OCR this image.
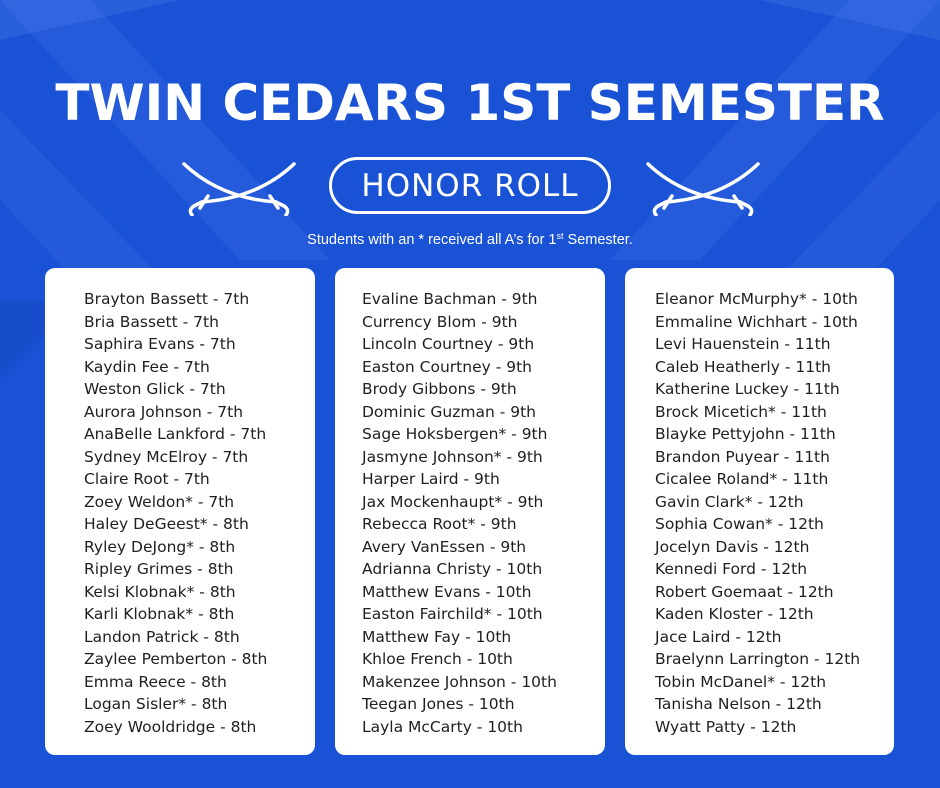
TWIN CEDARS 1ST SEMESTER
HONOR ROLL
Students with an * received all A’s for 1st Semester.
Brayton Bassett - 7th
Bria Bassett - 7th
Saphira Evans - 7th
Kaydin Fee - 7th
Weston Glick - 7th
Aurora Johnson - 7th
AnaBelle Lankford - 7th
Sydney McElroy - 7th
Claire Root - 7th
Zoey Weldon* - 7th
Haley DeGeest* - 8th
Ryley DeJong* - 8th
Ripley Grimes - 8th
Kelsi Klobnak* - 8th
Karli Klobnak* - 8th
Landon Patrick - 8th
Zaylee Pemberton - 8th
Emma Reece - 8th
Logan Sisler* - 8th
Zoey Wooldridge - 8th
Evaline Bachman - 9th
Currency Blom - 9th
Lincoln Courtney - 9th
Easton Courtney - 9th
Brody Gibbons - 9th
Dominic Guzman - 9th
Sage Hoksbergen* - 9th
Jasmyne Johnson* - 9th
Harper Laird - 9th
Jax Mockenhaupt* - 9th
Rebecca Root* - 9th
Avery VanEssen - 9th
Adrianna Christy - 10th
Matthew Evans - 10th
Easton Fairchild* - 10th
Matthew Fay - 10th
Khloe French - 10th
Makenzee Johnson - 10th
Teegan Jones - 10th
Layla McCarty - 10th
Eleanor McMurphy* - 10th
Emmaline Wichhart - 10th
Levi Hauenstein - 11th
Caleb Heatherly - 11th
Katherine Luckey - 11th
Brock Micetich* - 11th
Blayke Pettyjohn - 11th
Brandon Puyear - 11th
Cicalee Roland* - 11th
Gavin Clark* - 12th
Sophia Cowan* - 12th
Jocelyn Davis - 12th
Kennedi Ford - 12th
Robert Goemaat - 12th
Kaden Kloster - 12th
Jace Laird - 12th
Braelynn Larrington - 12th
Tobin McDanel* - 12th
Tanisha Nelson - 12th
Wyatt Patty - 12th
